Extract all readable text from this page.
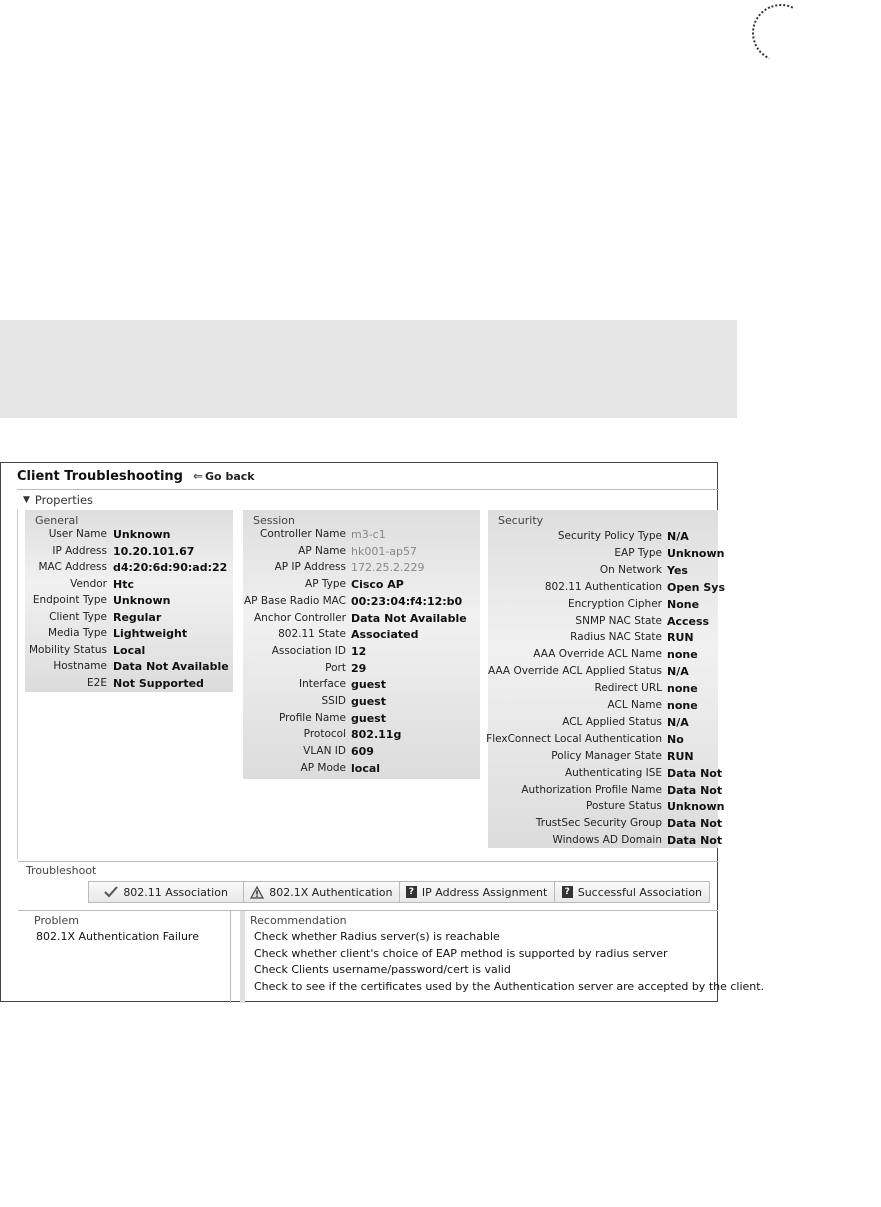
Client Troubleshooting ⇐ Go back
▼ Properties
General
User Name Unknown
IP Address 10.20.101.67
MAC Address d4:20:6d:90:ad:22
Vendor Htc
Endpoint Type Unknown
Client Type Regular
Media Type Lightweight
Mobility Status Local
Hostname Data Not Available
E2E Not Supported
Session
Controller Name m3-c1
AP Name hk001-ap57
AP IP Address 172.25.2.229
AP Type Cisco AP
AP Base Radio MAC 00:23:04:f4:12:b0
Anchor Controller Data Not Available
802.11 State Associated
Association ID 12
Port 29
Interface guest
SSID guest
Profile Name guest
Protocol 802.11g
VLAN ID 609
AP Mode local
Security
Security Policy Type N/A
EAP Type Unknown
On Network Yes
802.11 Authentication Open Sys
Encryption Cipher None
SNMP NAC State Access
Radius NAC State RUN
AAA Override ACL Name none
AAA Override ACL Applied Status N/A
Redirect URL none
ACL Name none
ACL Applied Status N/A
FlexConnect Local Authentication No
Policy Manager State RUN
Authenticating ISE Data Not
Authorization Profile Name Data Not
Posture Status Unknown
TrustSec Security Group Data Not
Windows AD Domain Data Not
Troubleshoot
802.11 Association	802.1X Authentication	? IP Address Assignment	? Successful Association
Problem
802.1X Authentication Failure
Recommendation
Check whether Radius server(s) is reachable
Check whether client's choice of EAP method is supported by radius server
Check Clients username/password/cert is valid
Check to see if the certificates used by the Authentication server are accepted by the client.
